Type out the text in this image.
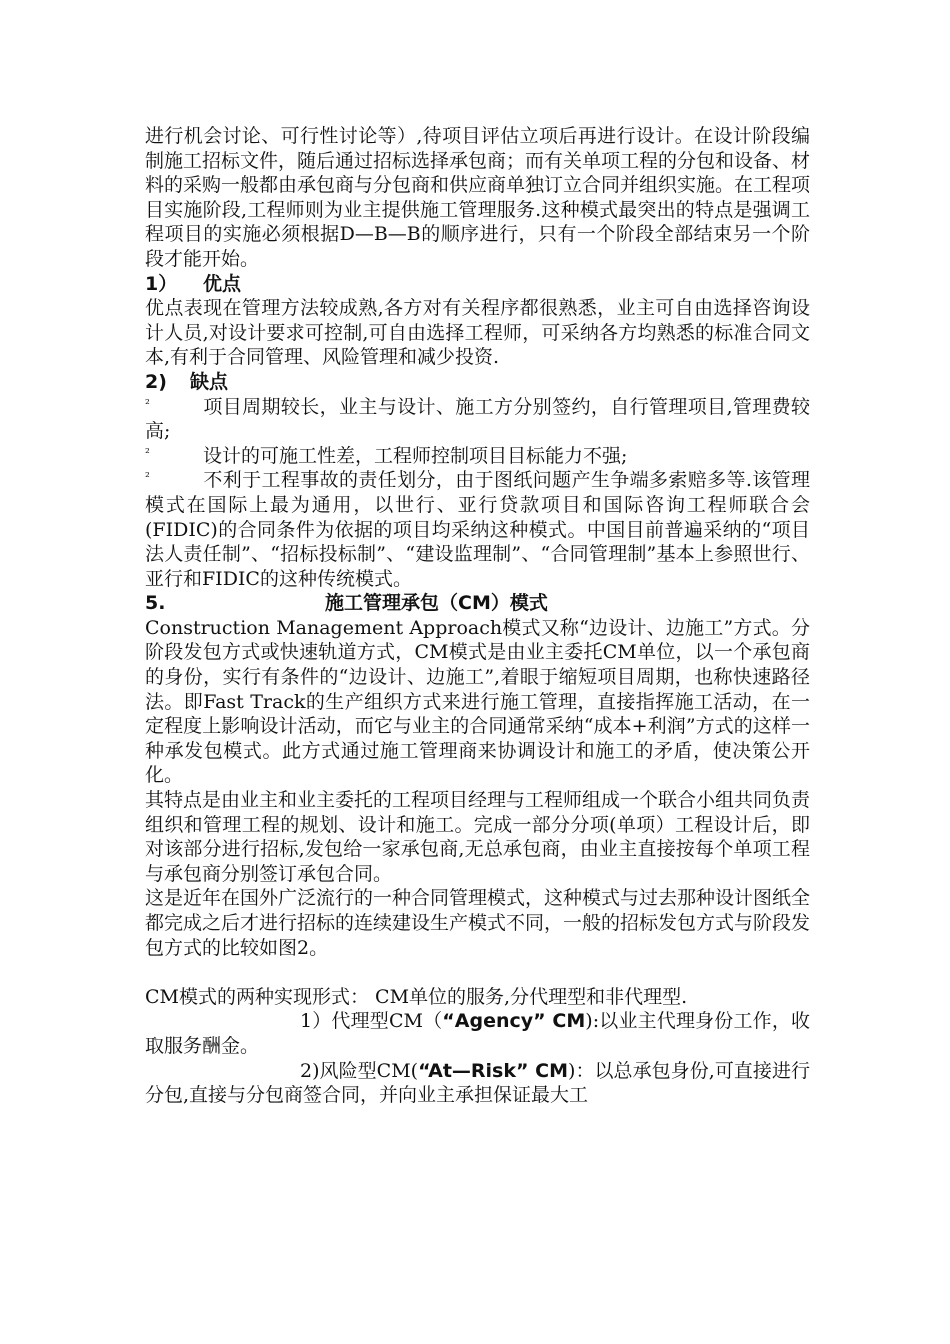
进行机会讨论、可行性讨论等）,待项目评估立项后再进行设计。在设计阶段编制施工招标文件，随后通过招标选择承包商；而有关单项工程的分包和设备、材料的采购一般都由承包商与分包商和供应商单独订立合同并组织实施。在工程项目实施阶段,工程师则为业主提供施工管理服务.这种模式最突出的特点是强调工程项目的实施必须根据D—B—B的顺序进行，只有一个阶段全部结束另一个阶段才能开始。

1） 优点

优点表现在管理方法较成熟,各方对有关程序都很熟悉，业主可自由选择咨询设计人员,对设计要求可控制,可自由选择工程师，可采纳各方均熟悉的标准合同文本,有利于合同管理、风险管理和减少投资.

2) 缺点

²	项目周期较长，业主与设计、施工方分别签约，自行管理项目,管理费较高;

²	设计的可施工性差，工程师控制项目目标能力不强;

²	不利于工程事故的责任划分，由于图纸问题产生争端多索赔多等.该管理模式在国际上最为通用，以世行、亚行贷款项目和国际咨询工程师联合会(FIDIC)的合同条件为依据的项目均采纳这种模式。中国目前普遍采纳的“项目法人责任制”、“招标投标制”、“建设监理制”、“合同管理制”基本上参照世行、亚行和FIDIC的这种传统模式。

5.	施工管理承包（CM）模式

Construction Management Approach模式又称“边设计、边施工”方式。分阶段发包方式或快速轨道方式，CM模式是由业主委托CM单位，以一个承包商的身份，实行有条件的“边设计、边施工”,着眼于缩短项目周期，也称快速路径法。即Fast Track的生产组织方式来进行施工管理，直接指挥施工活动，在一定程度上影响设计活动，而它与业主的合同通常采纳“成本+利润”方式的这样一种承发包模式。此方式通过施工管理商来协调设计和施工的矛盾，使决策公开化。

其特点是由业主和业主委托的工程项目经理与工程师组成一个联合小组共同负责组织和管理工程的规划、设计和施工。完成一部分分项(单项）工程设计后，即对该部分进行招标,发包给一家承包商,无总承包商，由业主直接按每个单项工程与承包商分别签订承包合同。

这是近年在国外广泛流行的一种合同管理模式，这种模式与过去那种设计图纸全都完成之后才进行招标的连续建设生产模式不同，一般的招标发包方式与阶段发包方式的比较如图2。

CM模式的两种实现形式： CM单位的服务,分代理型和非代理型.

1）代理型CM（“Agency” CM):以业主代理身份工作，收取服务酬金。

2)风险型CM(“At—Risk” CM)：以总承包身份,可直接进行分包,直接与分包商签合同，并向业主承担保证最大工
